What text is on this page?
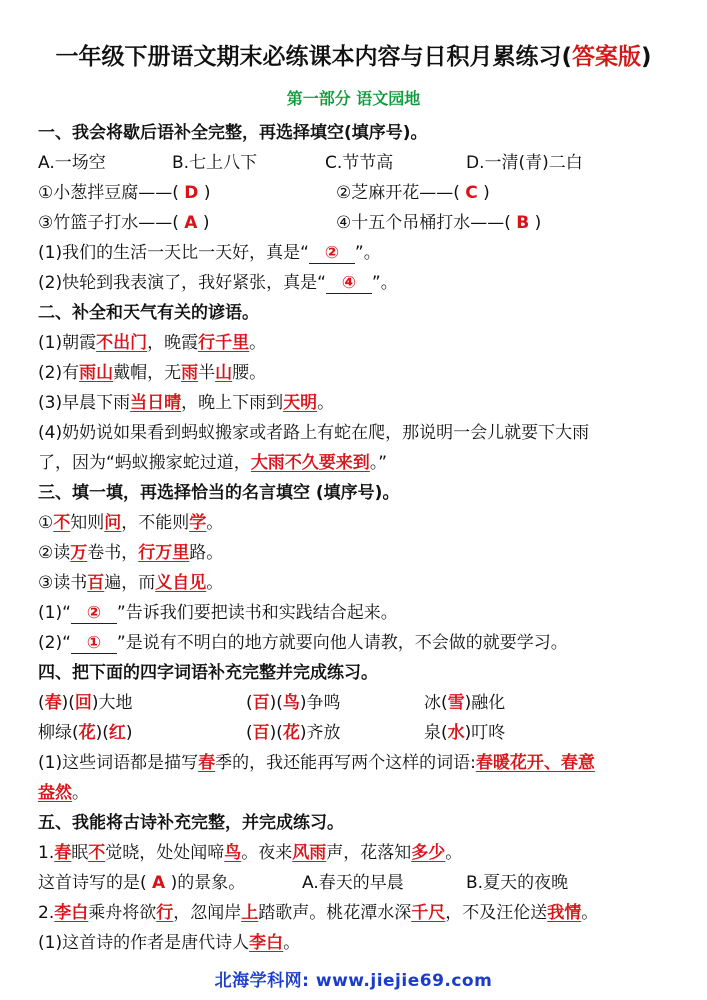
一年级下册语文期末必练课本内容与日积月累练习(答案版)
第一部分 语文园地
一、我会将歇后语补全完整，再选择填空(填序号)。
A.一场空	B.七上八下	C.节节高	D.一清(青)二白
①小葱拌豆腐——( D )	②芝麻开花——( C )
③竹篮子打水——( A )	④十五个吊桶打水——( B )
(1)我们的生活一天比一天好，真是“ ② ”。
(2)快轮到我表演了，我好紧张，真是“ ④ ”。
二、补全和天气有关的谚语。
(1)朝霞不出门，晚霞行千里。
(2)有雨山戴帽，无雨半山腰。
(3)早晨下雨当日晴，晚上下雨到天明。
(4)奶奶说如果看到蚂蚁搬家或者路上有蛇在爬，那说明一会儿就要下大雨
了，因为“蚂蚁搬家蛇过道，大雨不久要来到。”
三、填一填，再选择恰当的名言填空 (填序号)。
①不知则问，不能则学。
②读万卷书，行万里路。
③读书百遍，而义自见。
(1)“ ② ”告诉我们要把读书和实践结合起来。
(2)“ ① ”是说有不明白的地方就要向他人请教，不会做的就要学习。
四、把下面的四字词语补充完整并完成练习。
(春)(回)大地	(百)(鸟)争鸣	冰(雪)融化
柳绿(花)(红)	(百)(花)齐放	泉(水)叮咚
(1)这些词语都是描写春季的，我还能再写两个这样的词语:春暖花开、春意
盎然。
五、我能将古诗补充完整，并完成练习。
1.春眠不觉晓，处处闻啼鸟。夜来风雨声，花落知多少。
这首诗写的是( A )的景象。	A.春天的早晨	B.夏天的夜晚
2.李白乘舟将欲行，忽闻岸上踏歌声。桃花潭水深千尺，不及汪伦送我情。
(1)这首诗的作者是唐代诗人李白。
北海学科网: www.jiejie69.com
